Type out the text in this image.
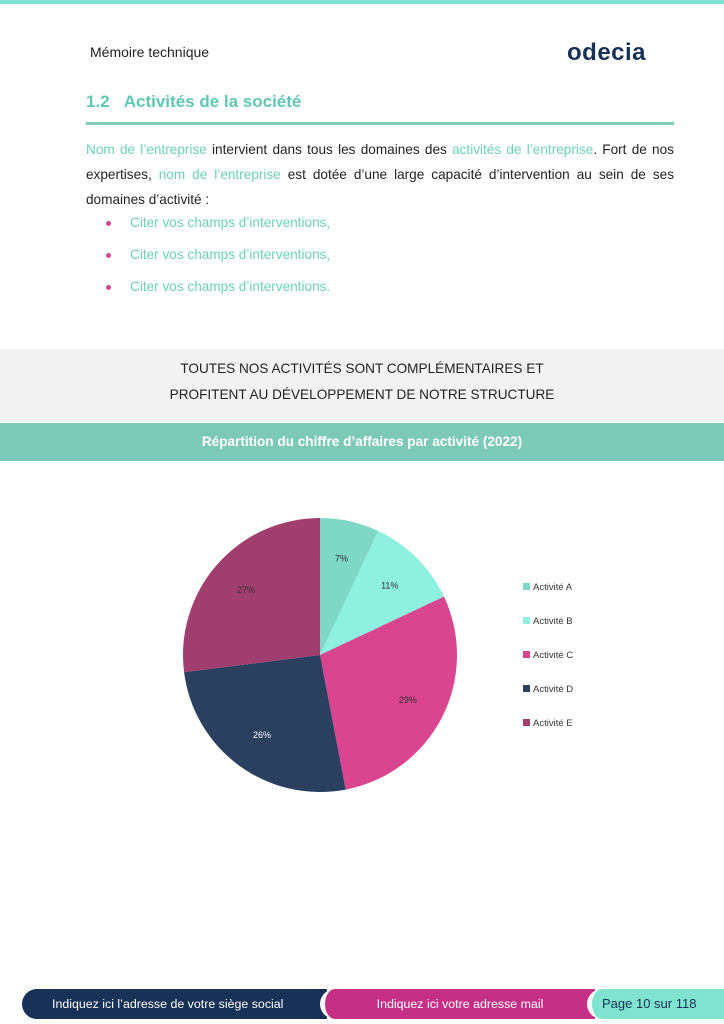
Mémoire technique	odecia
1.2 Activités de la société
Nom de l’entreprise intervient dans tous les domaines des activités de l’entreprise. Fort de nos expertises, nom de l’entreprise est dotée d’une large capacité d’intervention au sein de ses domaines d’activité :
Citer vos champs d’interventions,
Citer vos champs d’interventions,
Citer vos champs d’interventions.
TOUTES NOS ACTIVITÉS SONT COMPLÉMENTAIRES ET
PROFITENT AU DÉVELOPPEMENT DE NOTRE STRUCTURE
Répartition du chiffre d’affaires par activité (2022)
7%
11%
29%
26%
27%	Activité A
Activité B
Activité C
Activité D
Activité E
Indiquez ici l’adresse de votre siège social	Indiquez ici votre adresse mail	Page 10 sur 118
